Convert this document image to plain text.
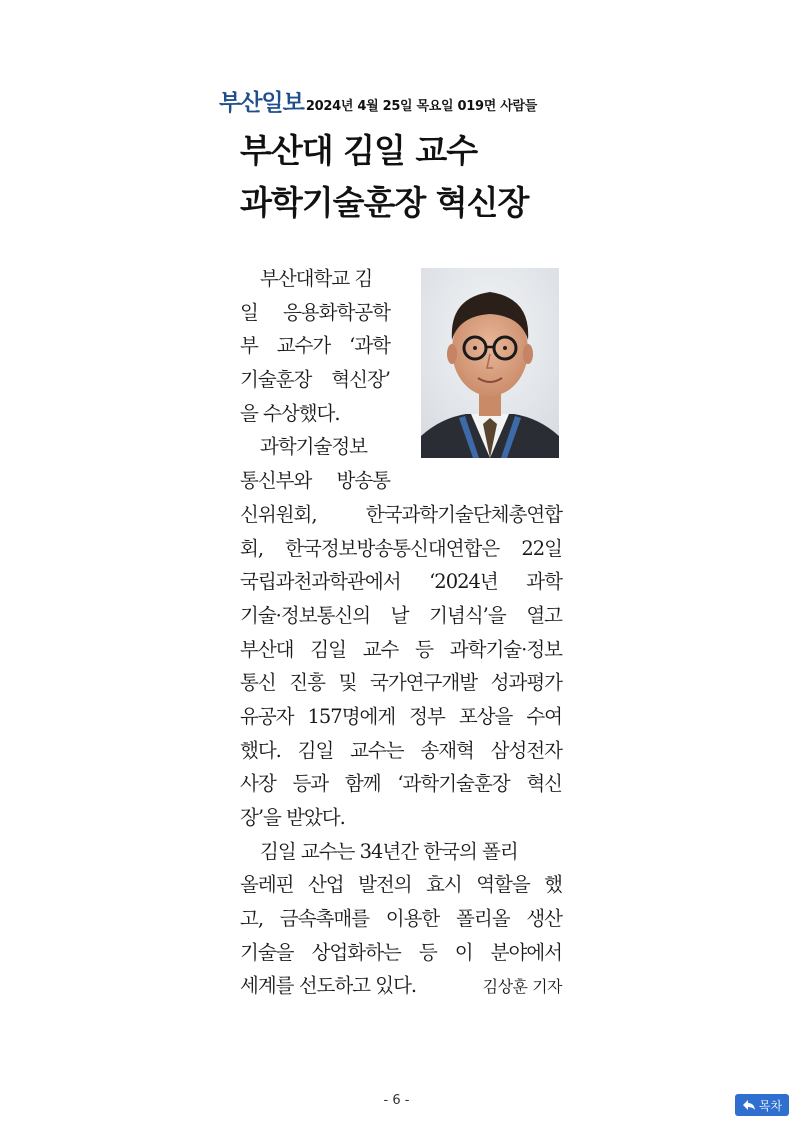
부산일보 2024년 4월 25일 목요일 019면 사람들
부산대 김일 교수
과학기술훈장 혁신장
부산대학교 김
일 응용화학공학
부 교수가 ‘과학
기술훈장 혁신장’
을 수상했다.
과학기술정보
통신부와 방송통
신위원회, 한국과학기술단체총연합
회, 한국정보방송통신대연합은 22일
국립과천과학관에서 ‘2024년 과학
기술·정보통신의 날 기념식’을 열고
부산대 김일 교수 등 과학기술·정보
통신 진흥 및 국가연구개발 성과평가
유공자 157명에게 정부 포상을 수여
했다. 김일 교수는 송재혁 삼성전자
사장 등과 함께 ‘과학기술훈장 혁신
장’을 받았다.
김일 교수는 34년간 한국의 폴리
올레핀 산업 발전의 효시 역할을 했
고, 금속촉매를 이용한 폴리올 생산
기술을 상업화하는 등 이 분야에서
세계를 선도하고 있다.	김상훈 기자
- 6 -	목차
